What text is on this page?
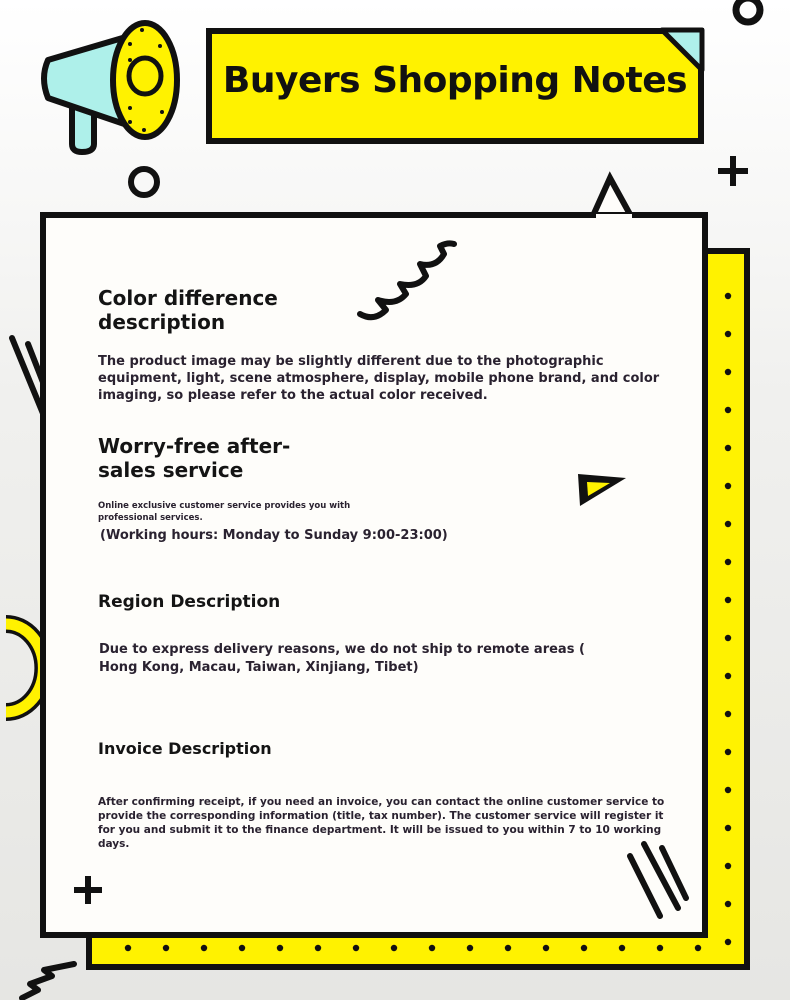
Buyers Shopping Notes
Color difference
description
The product image may be slightly different due to the photographic equipment, light, scene atmosphere, display, mobile phone brand, and color imaging, so please refer to the actual color received.
Worry-free after-
sales service
Online exclusive customer service provides you with professional services.
(Working hours: Monday to Sunday 9:00-23:00)
Region Description
Due to express delivery reasons, we do not ship to remote areas ( Hong Kong, Macau, Taiwan, Xinjiang, Tibet)
Invoice Description
After confirming receipt, if you need an invoice, you can contact the online customer service to provide the corresponding information (title, tax number). The customer service will register it for you and submit it to the finance department. It will be issued to you within 7 to 10 working days.
